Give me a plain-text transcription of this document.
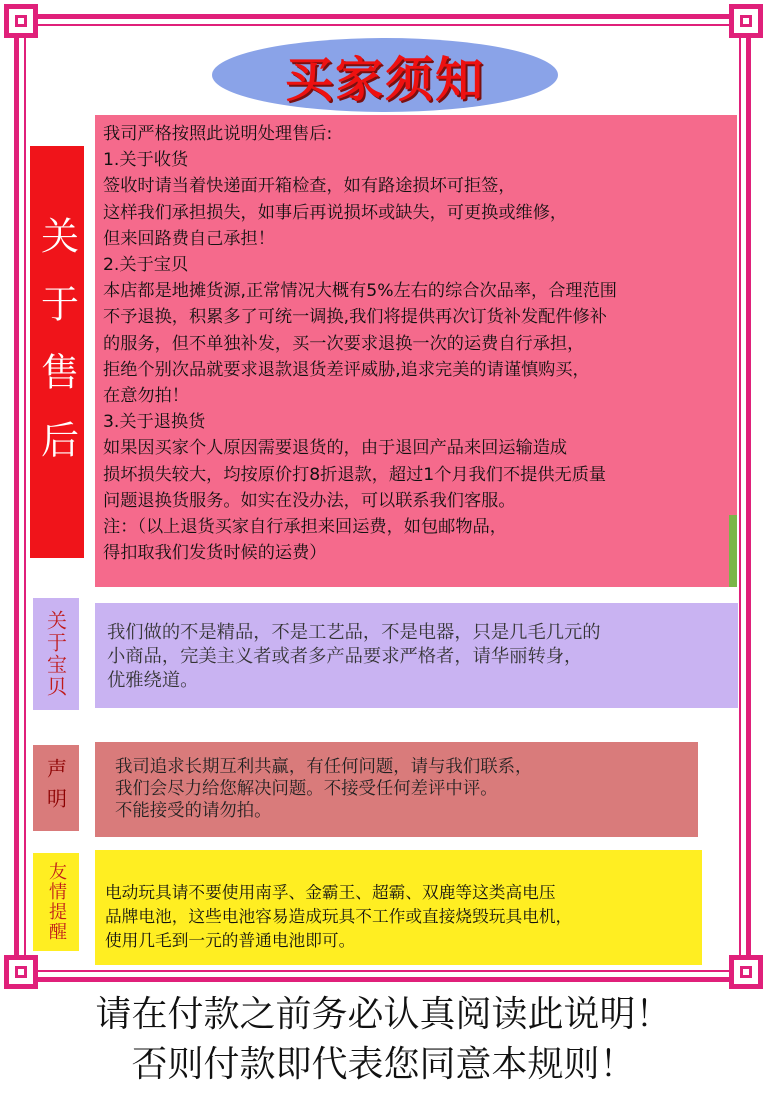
买家须知
关于售后

我司严格按照此说明处理售后:

1.关于收货

签收时请当着快递面开箱检查，如有路途损坏可拒签，

这样我们承担损失，如事后再说损坏或缺失，可更换或维修，

但来回路费自己承担！

2.关于宝贝

本店都是地摊货源,正常情况大概有5%左右的综合次品率，合理范围

不予退换，积累多了可统一调换,我们将提供再次订货补发配件修补

的服务，但不单独补发，买一次要求退换一次的运费自行承担，

拒绝个别次品就要求退款退货差评威胁,追求完美的请谨慎购买，

在意勿拍！

3.关于退换货

如果因买家个人原因需要退货的，由于退回产品来回运输造成

损坏损失较大，均按原价打8折退款，超过1个月我们不提供无质量

问题退换货服务。如实在没办法，可以联系我们客服。

注：（以上退货买家自行承担来回运费，如包邮物品，

得扣取我们发货时候的运费）

关于宝贝	我们做的不是精品，不是工艺品，不是电器，只是几毛几元的

小商品，完美主义者或者多产品要求严格者，请华丽转身，

优雅绕道。

声明	我司追求长期互利共赢，有任何问题，请与我们联系，

我们会尽力给您解决问题。不接受任何差评中评。

不能接受的请勿拍。

友情提醒	电动玩具请不要使用南孚、金霸王、超霸、双鹿等这类高电压

品牌电池，这些电池容易造成玩具不工作或直接烧毁玩具电机，

使用几毛到一元的普通电池即可。

请在付款之前务必认真阅读此说明！

否则付款即代表您同意本规则！
